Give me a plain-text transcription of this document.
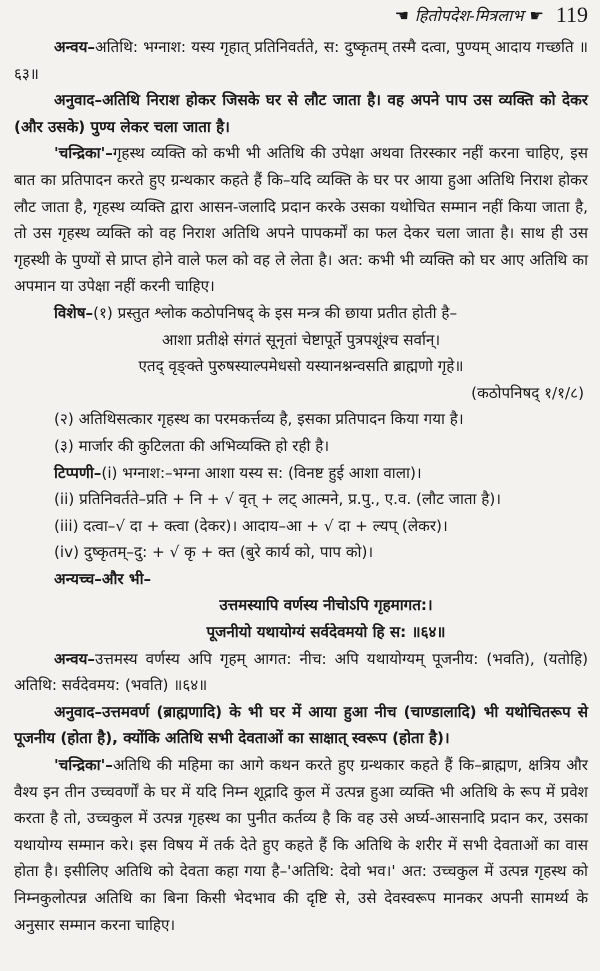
☚ हितोपदेश-मित्रलाभ ☛ 119

अन्वय–अतिथि: भग्नाश: यस्य गृहात् प्रतिनिवर्तते, स: दुष्कृतम् तस्मै दत्वा, पुण्यम् आदाय गच्छति ॥६३॥

अनुवाद–अतिथि निराश होकर जिसके घर से लौट जाता है। वह अपने पाप उस व्यक्ति को देकर (और उसके) पुण्य लेकर चला जाता है।

'चन्द्रिका'–गृहस्थ व्यक्ति को कभी भी अतिथि की उपेक्षा अथवा तिरस्कार नहीं करना चाहिए, इस बात का प्रतिपादन करते हुए ग्रन्थकार कहते हैं कि–यदि व्यक्ति के घर पर आया हुआ अतिथि निराश होकर लौट जाता है, गृहस्थ व्यक्ति द्वारा आसन-जलादि प्रदान करके उसका यथोचित सम्मान नहीं किया जाता है, तो उस गृहस्थ व्यक्ति को वह निराश अतिथि अपने पापकर्मों का फल देकर चला जाता है। साथ ही उस गृहस्थी के पुण्यों से प्राप्त होने वाले फल को वह ले लेता है। अत: कभी भी व्यक्ति को घर आए अतिथि का अपमान या उपेक्षा नहीं करनी चाहिए।

विशेष–(१) प्रस्तुत श्लोक कठोपनिषद् के इस मन्त्र की छाया प्रतीत होती है–

आशा प्रतीक्षे संगतं सूनृतां चेष्टापूर्ते पुत्रपशूंश्च सर्वान्।

एतद् वृङ्क्ते पुरुषस्याल्पमेधसो यस्यानश्नन्वसति ब्राह्मणो गृहे॥

(कठोपनिषद् १/१/८)

(२) अतिथिसत्कार गृहस्थ का परमकर्त्तव्य है, इसका प्रतिपादन किया गया है।

(३) मार्जार की कुटिलता की अभिव्यक्ति हो रही है।

टिप्पणी–(i) भग्नाश:–भग्ना आशा यस्य स: (विनष्ट हुई आशा वाला)।

(ii) प्रतिनिवर्तते–प्रति + नि + √ वृत् + लट् आत्मने, प्र.पु., ए.व. (लौट जाता है)।

(iii) दत्वा–√ दा + क्त्वा (देकर)। आदाय–आ + √ दा + ल्यप् (लेकर)।

(iv) दुष्कृतम्–दु: + √ कृ + क्त (बुरे कार्य को, पाप को)।

अन्यच्च–और भी–

उत्तमस्यापि वर्णस्य नीचोऽपि गृहमागत:।

पूजनीयो यथायोग्यं सर्वदेवमयो हि स: ॥६४॥

अन्वय–उत्तमस्य वर्णस्य अपि गृहम् आगत: नीच: अपि यथायोग्यम् पूजनीय: (भवति), (यतोहि) अतिथि: सर्वदेवमय: (भवति) ॥६४॥

अनुवाद–उत्तमवर्ण (ब्राह्मणादि) के भी घर में आया हुआ नीच (चाण्डालादि) भी यथोचितरूप से पूजनीय (होता है), क्योंकि अतिथि सभी देवताओं का साक्षात् स्वरूप (होता है)।

'चन्द्रिका'–अतिथि की महिमा का आगे कथन करते हुए ग्रन्थकार कहते हैं कि–ब्राह्मण, क्षत्रिय और वैश्य इन तीन उच्चवर्णों के घर में यदि निम्न शूद्रादि कुल में उत्पन्न हुआ व्यक्ति भी अतिथि के रूप में प्रवेश करता है तो, उच्चकुल में उत्पन्न गृहस्थ का पुनीत कर्तव्य है कि वह उसे अर्घ्य-आसनादि प्रदान कर, उसका यथायोग्य सम्मान करे। इस विषय में तर्क देते हुए कहते हैं कि अतिथि के शरीर में सभी देवताओं का वास होता है। इसीलिए अतिथि को देवता कहा गया है–'अतिथि: देवो भव।' अत: उच्चकुल में उत्पन्न गृहस्थ को निम्नकुलोत्पन्न अतिथि का बिना किसी भेदभाव की दृष्टि से, उसे देवस्वरूप मानकर अपनी सामर्थ्य के अनुसार सम्मान करना चाहिए।
